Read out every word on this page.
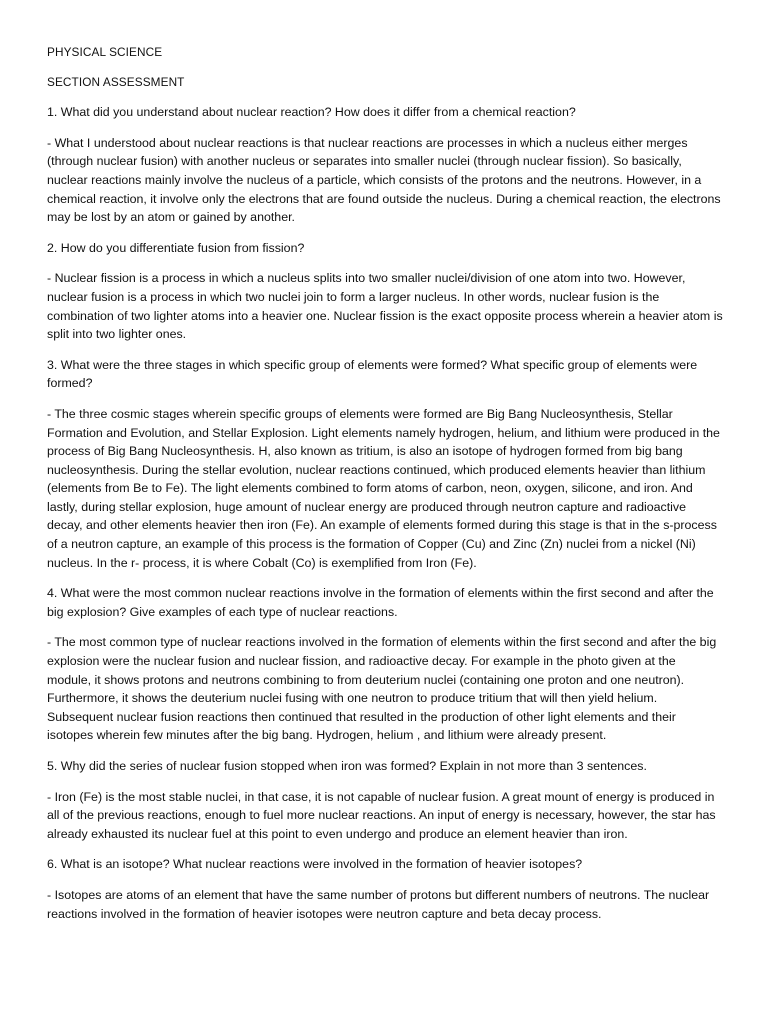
PHYSICAL SCIENCE

SECTION ASSESSMENT

1. What did you understand about nuclear reaction? How does it differ from a chemical reaction?

- What I understood about nuclear reactions is that nuclear reactions are processes in which a nucleus either merges (through nuclear fusion) with another nucleus or separates into smaller nuclei (through nuclear fission). So basically, nuclear reactions mainly involve the nucleus of a particle, which consists of the protons and the neutrons. However, in a chemical reaction, it involve only the electrons that are found outside the nucleus. During a chemical reaction, the electrons may be lost by an atom or gained by another.

2. How do you differentiate fusion from fission?

- Nuclear fission is a process in which a nucleus splits into two smaller nuclei/division of one atom into two. However, nuclear fusion is a process in which two nuclei join to form a larger nucleus. In other words, nuclear fusion is the combination of two lighter atoms into a heavier one. Nuclear fission is the exact opposite process wherein a heavier atom is split into two lighter ones.

3. What were the three stages in which specific group of elements were formed? What specific group of elements were formed?

- The three cosmic stages wherein specific groups of elements were formed are Big Bang Nucleosynthesis, Stellar Formation and Evolution, and Stellar Explosion. Light elements namely hydrogen, helium, and lithium were produced in the process of Big Bang Nucleosynthesis. H, also known as tritium, is also an isotope of hydrogen formed from big bang nucleosynthesis. During the stellar evolution, nuclear reactions continued, which produced elements heavier than lithium (elements from Be to Fe). The light elements combined to form atoms of carbon, neon, oxygen, silicone, and iron. And lastly, during stellar explosion, huge amount of nuclear energy are produced through neutron capture and radioactive decay, and other elements heavier then iron (Fe). An example of elements formed during this stage is that in the s-process of a neutron capture, an example of this process is the formation of Copper (Cu) and Zinc (Zn) nuclei from a nickel (Ni) nucleus. In the r- process, it is where Cobalt (Co) is exemplified from Iron (Fe).

4. What were the most common nuclear reactions involve in the formation of elements within the first second and after the big explosion? Give examples of each type of nuclear reactions.

- The most common type of nuclear reactions involved in the formation of elements within the first second and after the big explosion were the nuclear fusion and nuclear fission, and radioactive decay. For example in the photo given at the module, it shows protons and neutrons combining to from deuterium nuclei (containing one proton and one neutron). Furthermore, it shows the deuterium nuclei fusing with one neutron to produce tritium that will then yield helium. Subsequent nuclear fusion reactions then continued that resulted in the production of other light elements and their isotopes wherein few minutes after the big bang. Hydrogen, helium , and lithium were already present.

5. Why did the series of nuclear fusion stopped when iron was formed? Explain in not more than 3 sentences.

- Iron (Fe) is the most stable nuclei, in that case, it is not capable of nuclear fusion. A great mount of energy is produced in all of the previous reactions, enough to fuel more nuclear reactions. An input of energy is necessary, however, the star has already exhausted its nuclear fuel at this point to even undergo and produce an element heavier than iron.

6. What is an isotope? What nuclear reactions were involved in the formation of heavier isotopes?

- Isotopes are atoms of an element that have the same number of protons but different numbers of neutrons. The nuclear reactions involved in the formation of heavier isotopes were neutron capture and beta decay process.
